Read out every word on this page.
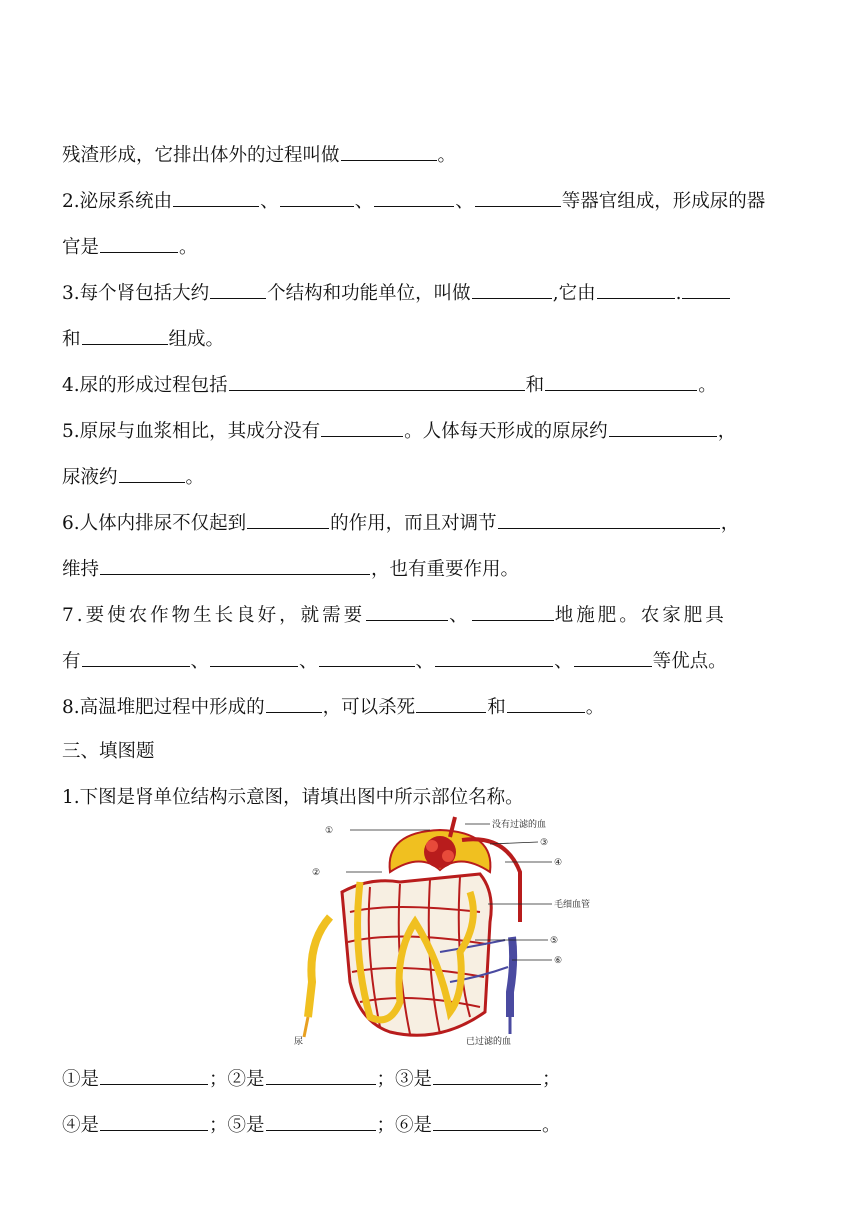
残渣形成，它排出体外的过程叫做	。
2.泌尿系统由	、	、	、	等器官组成，形成尿的器
官是	。
3.每个肾包括大约	个结构和功能单位，叫做	,它由	.
和	组成。
4.尿的形成过程包括	和	。
5.原尿与血浆相比，其成分没有	。人体每天形成的原尿约	，
尿液约	。
6.人体内排尿不仅起到	的作用，而且对调节	，
维持	，也有重要作用。
7.要使农作物生长良好，就需要	、	地施肥。农家肥具
有	、	、	、	、	等优点。
8.高温堆肥过程中形成的	，可以杀死	和	。
三、填图题
1.下图是肾单位结构示意图，请填出图中所示部位名称。
①
②
③
④
⑤
⑥
没有过滤的血
毛细血管
尿	已过滤的血
①是	；②是	；③是	；
④是	；⑤是	；⑥是	。
